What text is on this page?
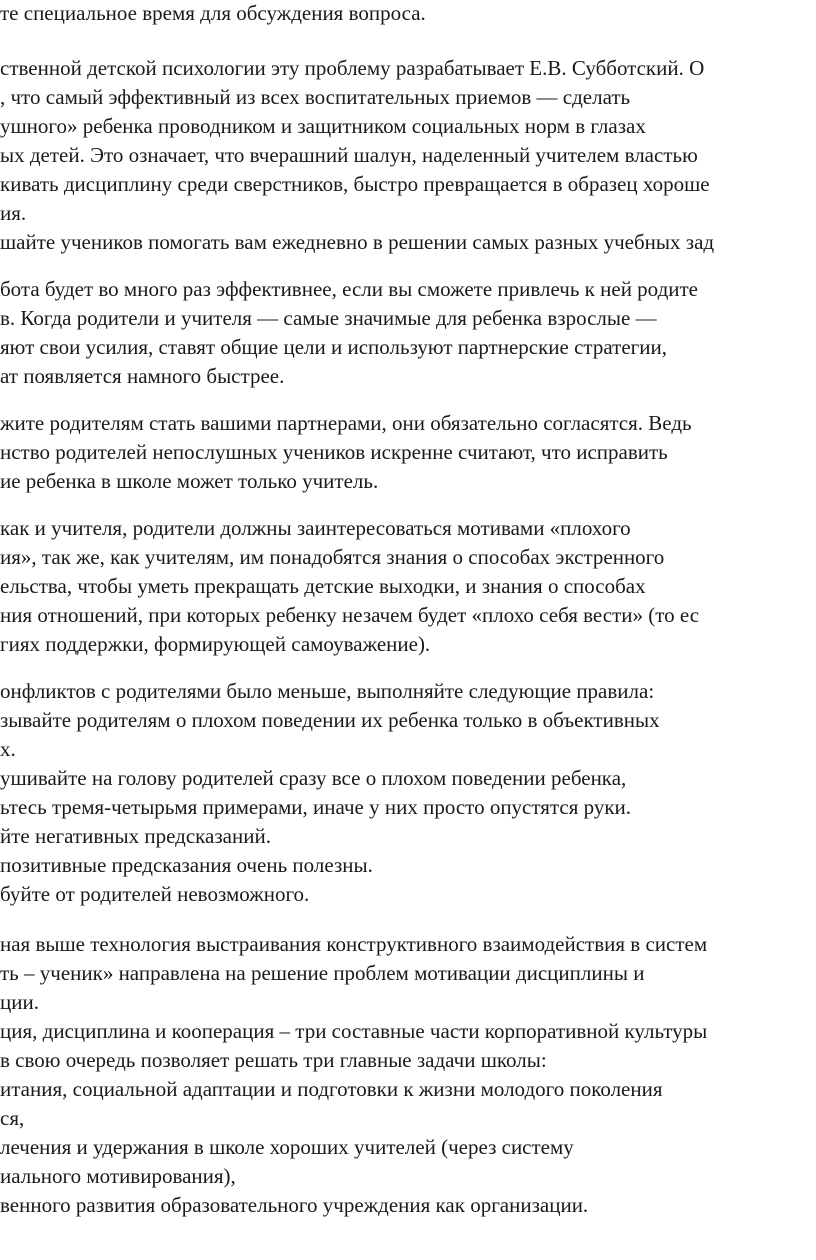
те специальное время для обсуждения вопроса.
ственной детской психологии эту проблему разрабатывает Е.В. Субботский. О
, что самый эффективный из всех воспитательных приемов — сделать
ушного» ребенка проводником и защитником социальных норм в глазах
ых детей. Это означает, что вчерашний шалун, наделенный учителем властью
кивать дисциплину среди сверстников, быстро превращается в образец хороше
ия.
шайте учеников помогать вам ежедневно в решении самых разных учебных зад
бота будет во много раз эффективнее, если вы сможете привлечь к ней родите
в. Когда родители и учителя — самые значимые для ребенка взрослые —
яют свои усилия, ставят общие цели и используют партнерские стратегии,
ат появляется намного быстрее.
жите родителям стать вашими партнерами, они обязательно согласятся. Ведь
нство родителей непослушных учеников искренне считают, что исправить
ие ребенка в школе может только учитель.
как и учителя, родители должны заинтересоваться мотивами «плохого
ия», так же, как учителям, им понадобятся знания о способах экстренного
ельства, чтобы уметь прекращать детские выходки, и знания о способах
ния отношений, при которых ребенку незачем будет «плохо себя вести» (то ес
гиях поддержки, формирующей самоуважение).
онфликтов с родителями было меньше, выполняйте следующие правила:
зывайте родителям о плохом поведении их ребенка только в объективных
х.
ушивайте на голову родителей сразу все о плохом поведении ребенка,
ьтесь тремя-четырьмя примерами, иначе у них просто опустятся руки.
йте негативных предсказаний.
позитивные предсказания очень полезны.
буйте от родителей невозможного.
ная выше технология выстраивания конструктивного взаимодействия в систем
ть – ученик» направлена на решение проблем мотивации дисциплины и
ции.
ция, дисциплина и кооперация – три составные части корпоративной культуры
в свою очередь позволяет решать три главные задачи школы:
итания, социальной адаптации и подготовки к жизни молодого поколения
ся,
лечения и удержания в школе хороших учителей (через систему
иального мотивирования),
венного развития образовательного учреждения как организации.
